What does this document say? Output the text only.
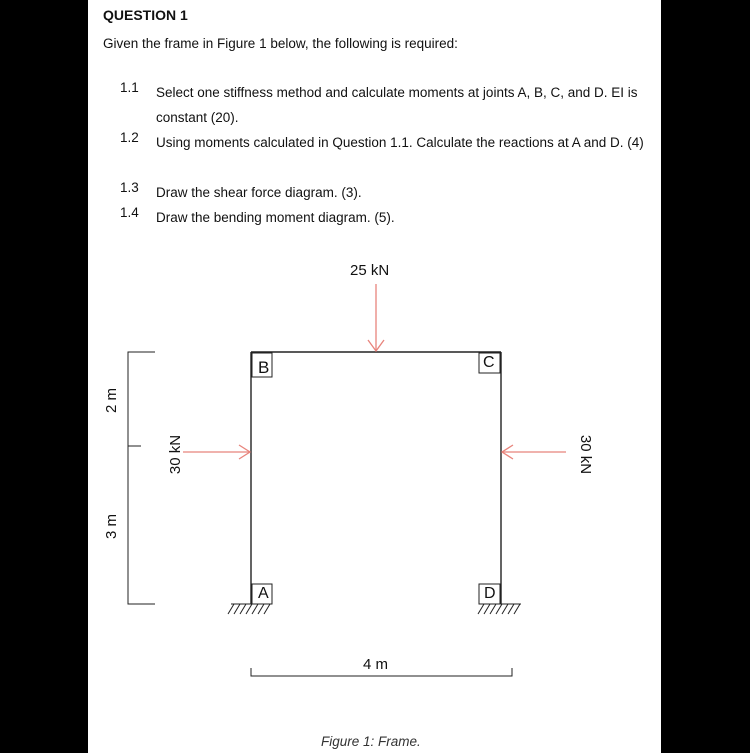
QUESTION 1
Given the frame in Figure 1 below, the following is required:
1.1	Select one stiffness method and calculate moments at joints A, B, C, and D. EI is constant (20).
1.2	Using moments calculated in Question 1.1. Calculate the reactions at A and D. (4)
1.3	Draw the shear force diagram. (3).
1.4	Draw the bending moment diagram. (5).
25 kN
B	C
A	D
2 m
3 m
30 kN	30 kN
4 m
Figure 1: Frame.
